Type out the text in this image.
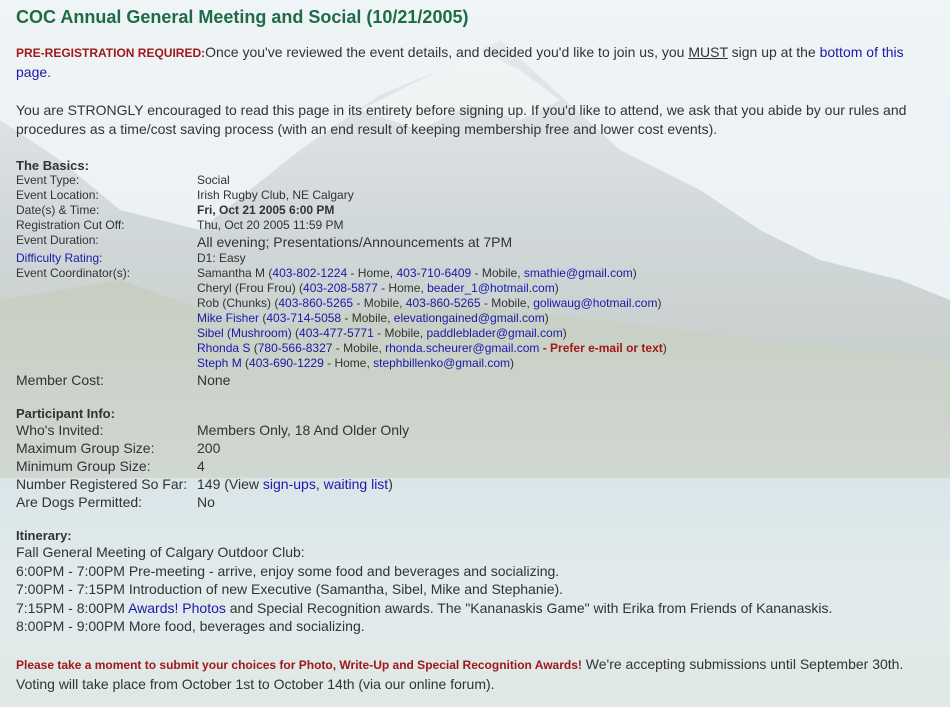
COC Annual General Meeting and Social (10/21/2005)

PRE-REGISTRATION REQUIRED:Once you've reviewed the event details, and decided you'd like to join us, you MUST sign up at the bottom of this page.

You are STRONGLY encouraged to read this page in its entirety before signing up. If you'd like to attend, we ask that you abide by our rules and procedures as a time/cost saving process (with an end result of keeping membership free and lower cost events).

The Basics:
Event Type:	Social
Event Location:	Irish Rugby Club, NE Calgary
Date(s) & Time:	Fri, Oct 21 2005 6:00 PM
Registration Cut Off:	Thu, Oct 20 2005 11:59 PM
Event Duration:	All evening; Presentations/Announcements at 7PM
Difficulty Rating:	D1: Easy
Event Coordinator(s):	Samantha M (403-802-1224 - Home, 403-710-6409 - Mobile, smathie@gmail.com)
Cheryl (Frou Frou) (403-208-5877 - Home, beader_1@hotmail.com)
Rob (Chunks) (403-860-5265 - Mobile, 403-860-5265 - Mobile, goliwaug@hotmail.com)
Mike Fisher (403-714-5058 - Mobile, elevationgained@gmail.com)
Sibel (Mushroom) (403-477-5771 - Mobile, paddleblader@gmail.com)
Rhonda S (780-566-8327 - Mobile, rhonda.scheurer@gmail.com - Prefer e-mail or text)
Steph M (403-690-1229 - Home, stephbillenko@gmail.com)
Member Cost:	None
Participant Info:
Who's Invited:	Members Only, 18 And Older Only
Maximum Group Size:	200
Minimum Group Size:	4
Number Registered So Far: 149 (View sign-ups, waiting list)
Are Dogs Permitted:	No
Itinerary:

Fall General Meeting of Calgary Outdoor Club:

6:00PM - 7:00PM Pre-meeting - arrive, enjoy some food and beverages and socializing.

7:00PM - 7:15PM Introduction of new Executive (Samantha, Sibel, Mike and Stephanie).

7:15PM - 8:00PM Awards! Photos and Special Recognition awards. The "Kananaskis Game" with Erika from Friends of Kananaskis.

8:00PM - 9:00PM More food, beverages and socializing.

Please take a moment to submit your choices for Photo, Write-Up and Special Recognition Awards! We're accepting submissions until September 30th. Voting will take place from October 1st to October 14th (via our online forum).
